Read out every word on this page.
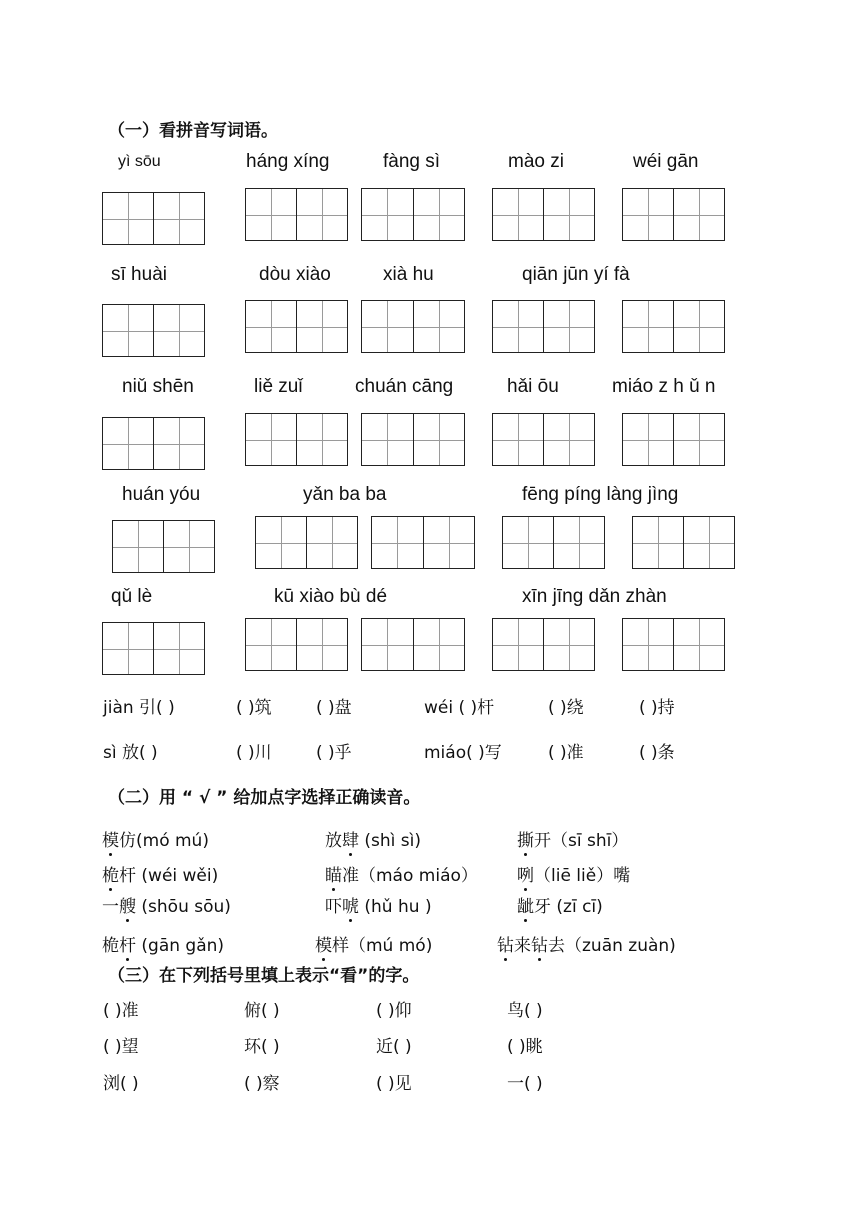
（一）看拼音写词语。
yì sōu	háng xíng	fàng sì	mào zi	wéi gān
sī huài	dòu xiào	xià hu	qiān jūn yí fà
niǔ shēn	liě zuǐ	chuán cāng	hǎi ōu	miáo z h ǔ n
huán yóu	yǎn ba ba	fēng píng làng jìng
qǔ lè	kū xiào bù dé	xīn jīng dǎn zhàn
jiàn 引( )	( )筑	( )盘	wéi ( )杆	( )绕	( )持
sì 放( )	( )川	( )乎	miáo( )写	( )准	( )条
（二）用 “ √ ” 给加点字选择正确读音。
模仿(mó mú)	放肆 (shì sì)	撕开（sī shī）
桅杆 (wéi wěi)	瞄准（máo miáo） 咧（liē liě）嘴
一艘 (shōu sōu)	吓唬 (hǔ hu )	龇牙 (zī cī)
桅杆 (gān gǎn)	模样（mú mó)	钻来钻去（zuān zuàn)
（三）在下列括号里填上表示“看”的字。
( )准	俯( )	( )仰	鸟( )
( )望	环( )	近( )	( )眺
浏( )	( )察	( )见	一( )
